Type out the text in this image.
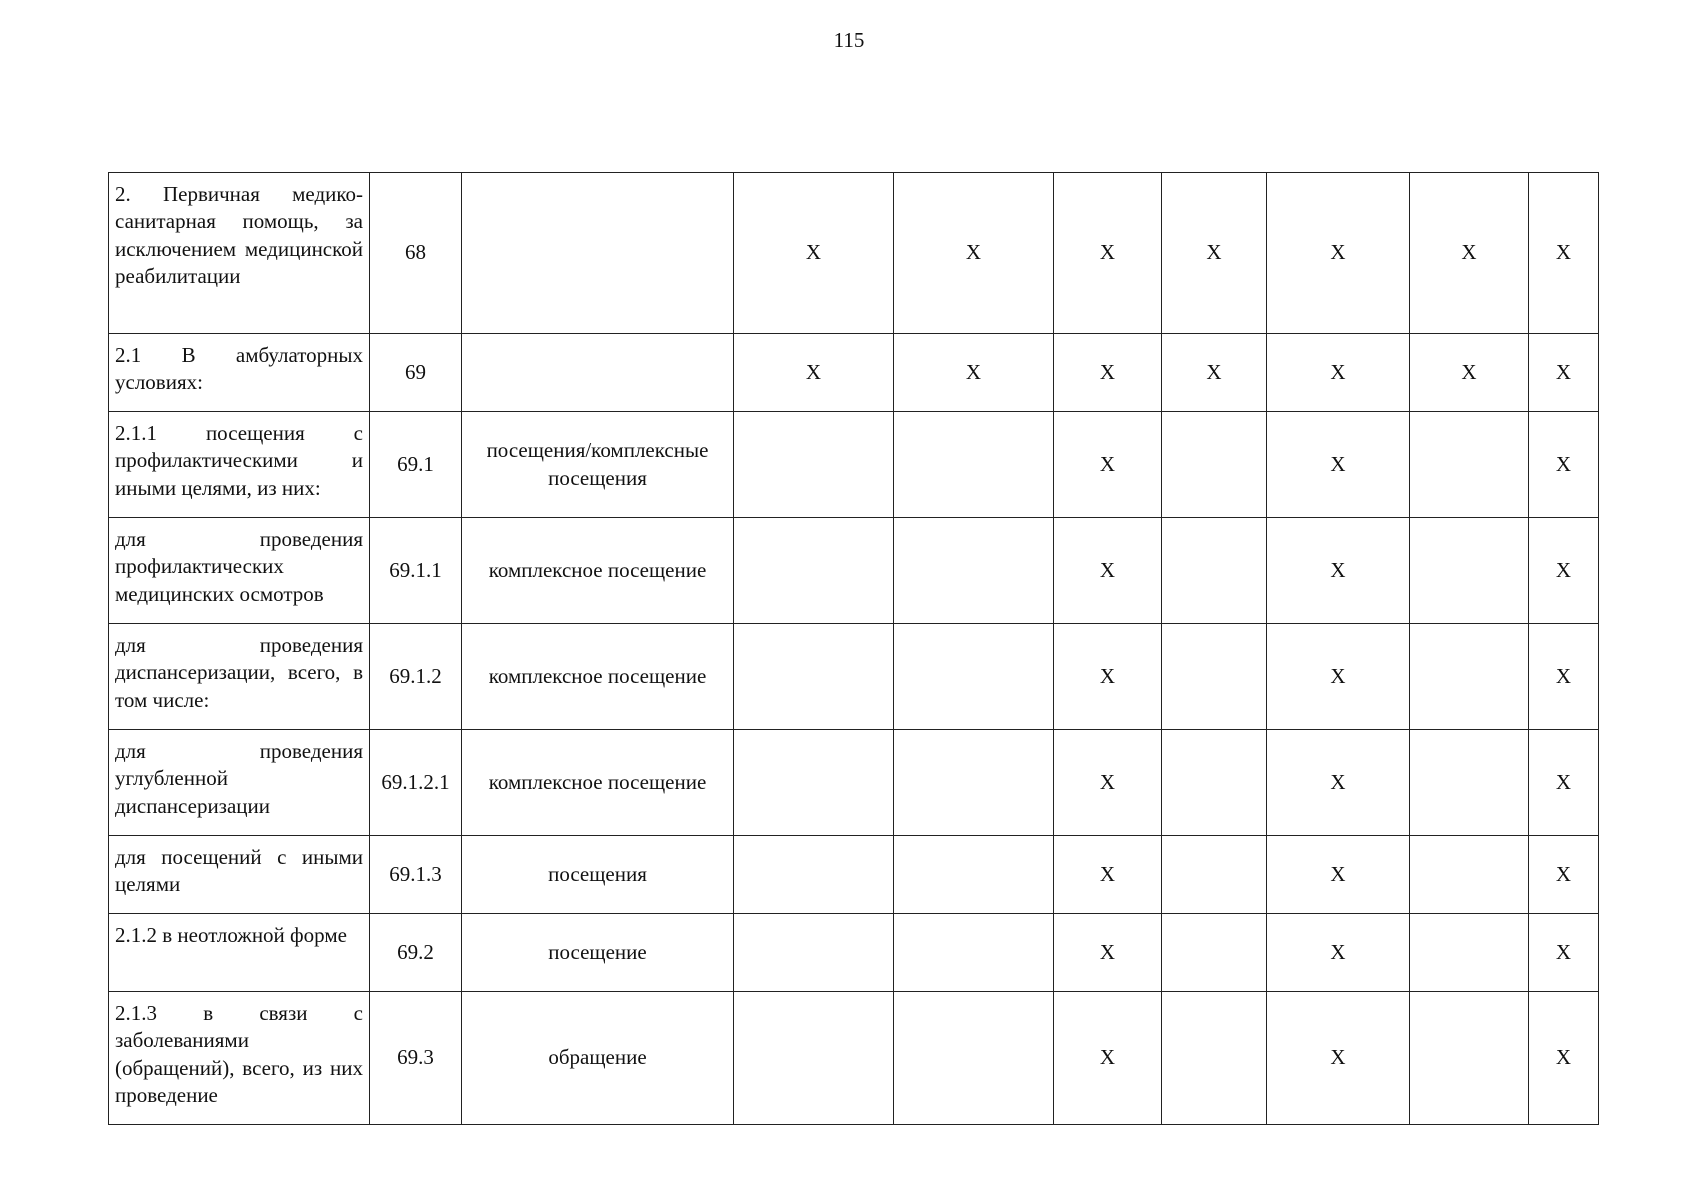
115
2. Первичная медико-санитарная помощь, за исключением медицинской реабилитации	68		Х	Х	Х	Х	Х	Х	Х

2.1 В амбулаторных условиях:	69		Х	Х	Х	Х	Х	Х	Х

2.1.1 посещения с профилактическими и иными целями, из них:	69.1	посещения/комплексные посещения			Х		Х		Х

для проведения профилактических медицинских осмотров	69.1.1	комплексное посещение			Х		Х		Х

для проведения диспансеризации, всего, в том числе:	69.1.2	комплексное посещение			Х		Х		Х

для проведения углубленной диспансеризации	69.1.2.1	комплексное посещение			Х		Х		Х

для посещений с иными целями	69.1.3	посещения			Х		Х		Х

2.1.2 в неотложной форме	69.2	посещение			Х		Х		Х

2.1.3 в связи с заболеваниями (обращений), всего, из них проведение	69.3	обращение			Х		Х		Х
